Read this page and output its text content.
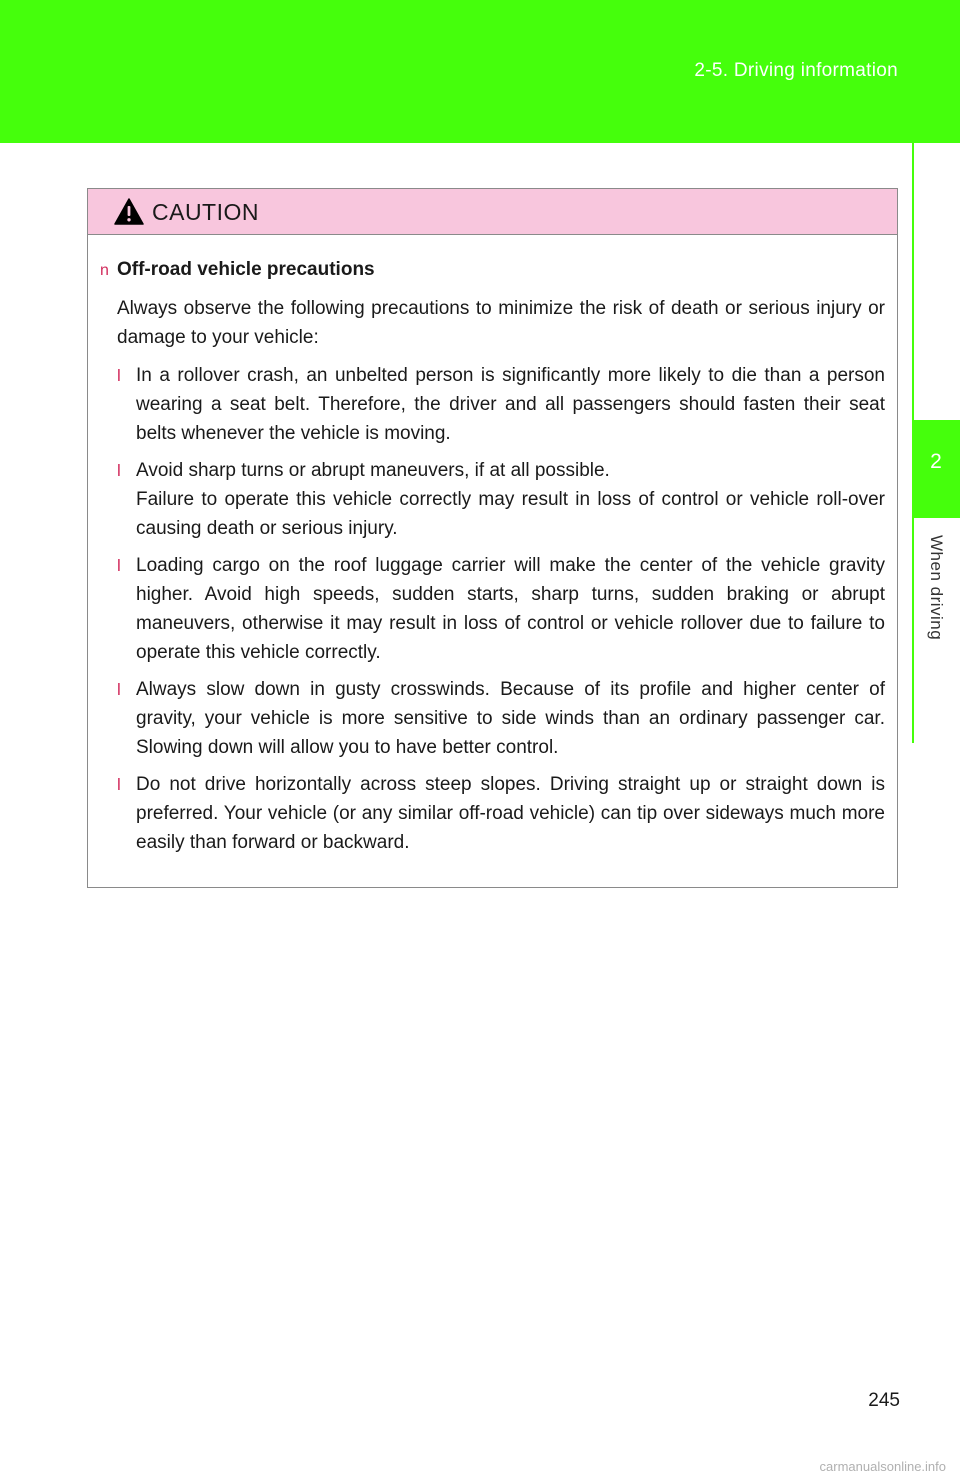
2-5. Driving information
2
When driving
CAUTION
n Off-road vehicle precautions

Always observe the following precautions to minimize the risk of death or serious injury or damage to your vehicle:

l In a rollover crash, an unbelted person is significantly more likely to die than a person wearing a seat belt. Therefore, the driver and all passengers should fasten their seat belts whenever the vehicle is moving.
l Avoid sharp turns or abrupt maneuvers, if at all possible.
Failure to operate this vehicle correctly may result in loss of control or vehicle roll-over causing death or serious injury.
l Loading cargo on the roof luggage carrier will make the center of the vehicle gravity higher. Avoid high speeds, sudden starts, sharp turns, sudden braking or abrupt maneuvers, otherwise it may result in loss of control or vehicle rollover due to failure to operate this vehicle correctly.
l Always slow down in gusty crosswinds. Because of its profile and higher center of gravity, your vehicle is more sensitive to side winds than an ordinary passenger car. Slowing down will allow you to have better control.
l Do not drive horizontally across steep slopes. Driving straight up or straight down is preferred. Your vehicle (or any similar off-road vehicle) can tip over sideways much more easily than forward or backward.
245
carmanualsonline.info
